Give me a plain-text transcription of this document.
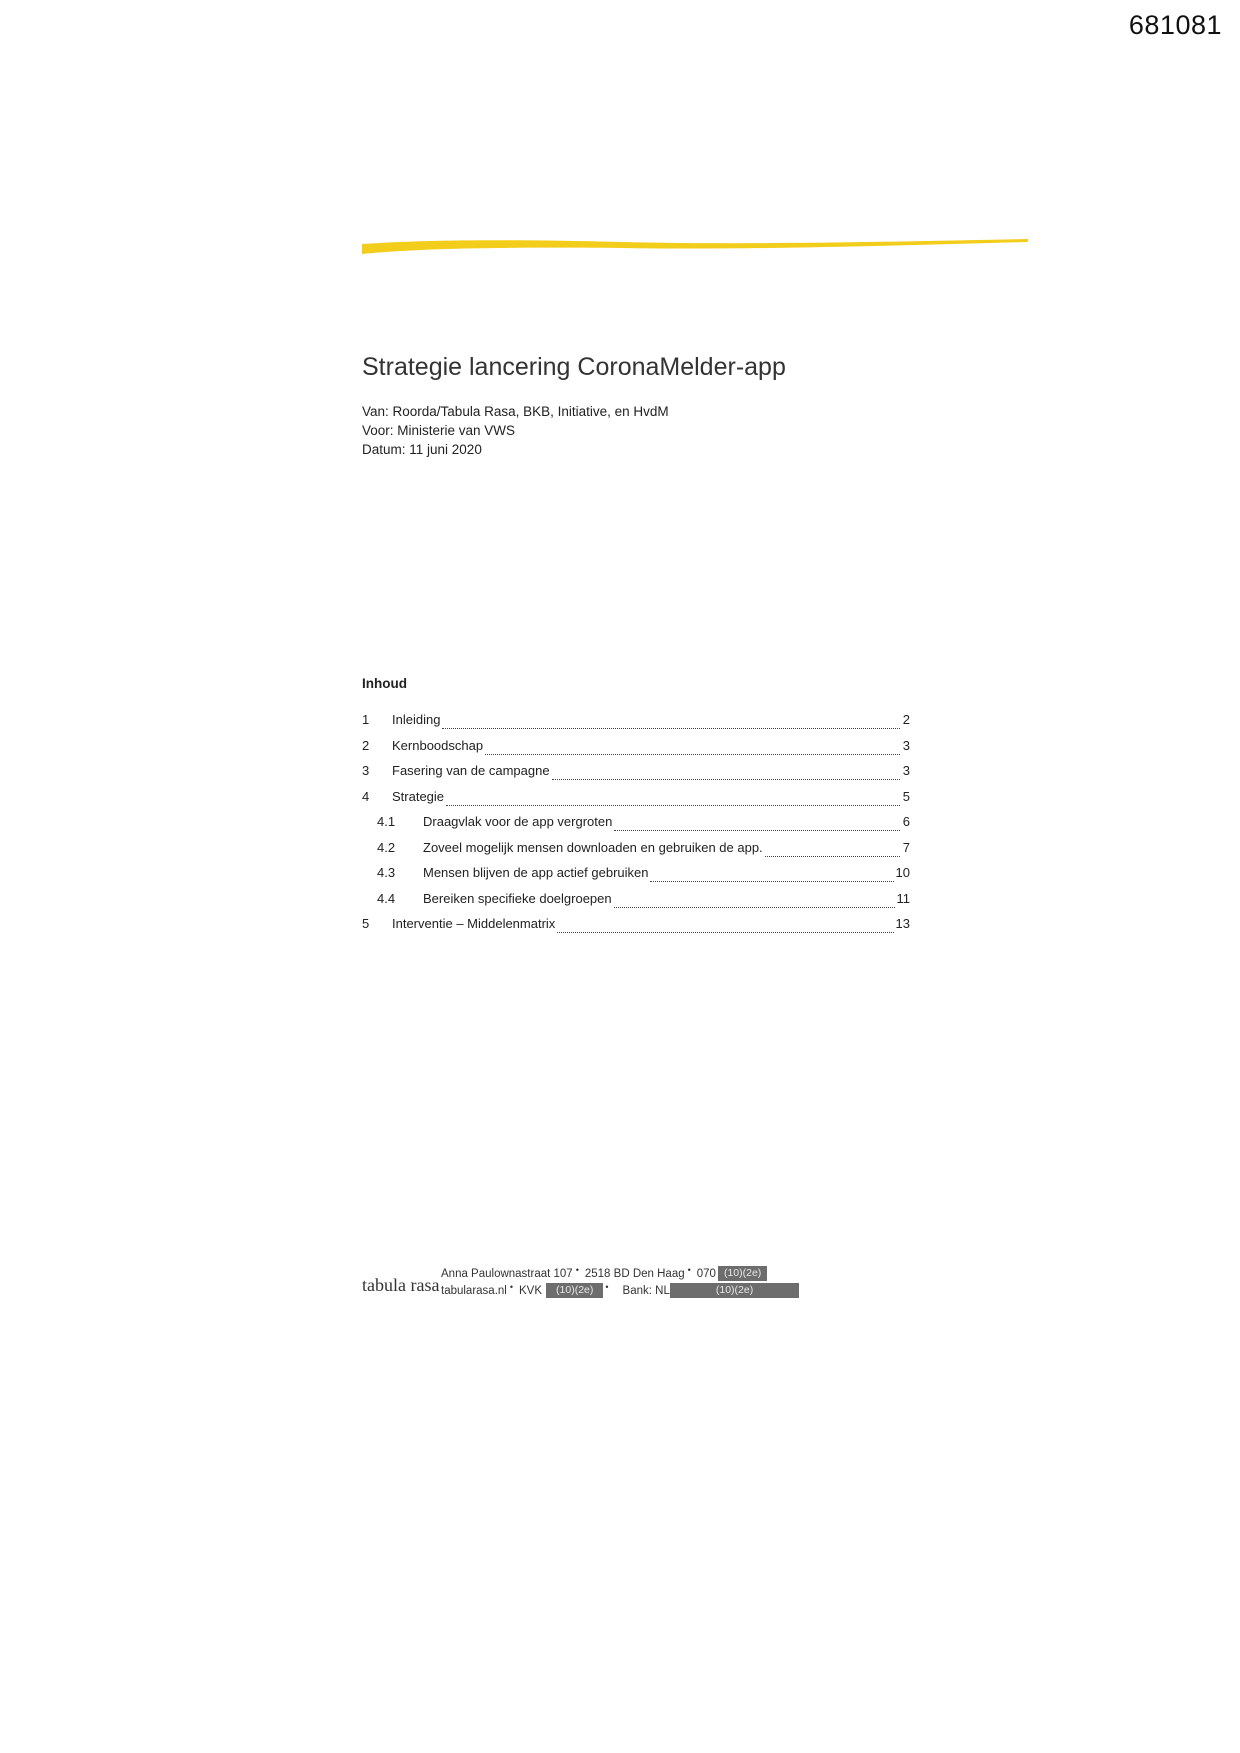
681081
Strategie lancering CoronaMelder-app
Van: Roorda/Tabula Rasa, BKB, Initiative, en HvdM
Voor: Ministerie van VWS
Datum: 11 juni 2020
Inhoud
1	Inleiding	2
2	Kernboodschap	3
3	Fasering van de campagne	3
4	Strategie	5
4.1	Draagvlak voor de app vergroten	6
4.2	Zoveel mogelijk mensen downloaden en gebruiken de app.	7
4.3	Mensen blijven de app actief gebruiken	10
4.4	Bereiken specifieke doelgroepen	11
5	Interventie – Middelenmatrix	13
tabula rasa
Anna Paulownastraat 107 • 2518 BD Den Haag • 070 (10)(2e)
tabularasa.nl • KVK	(10)(2e)	• Bank: NL	(10)(2e)
